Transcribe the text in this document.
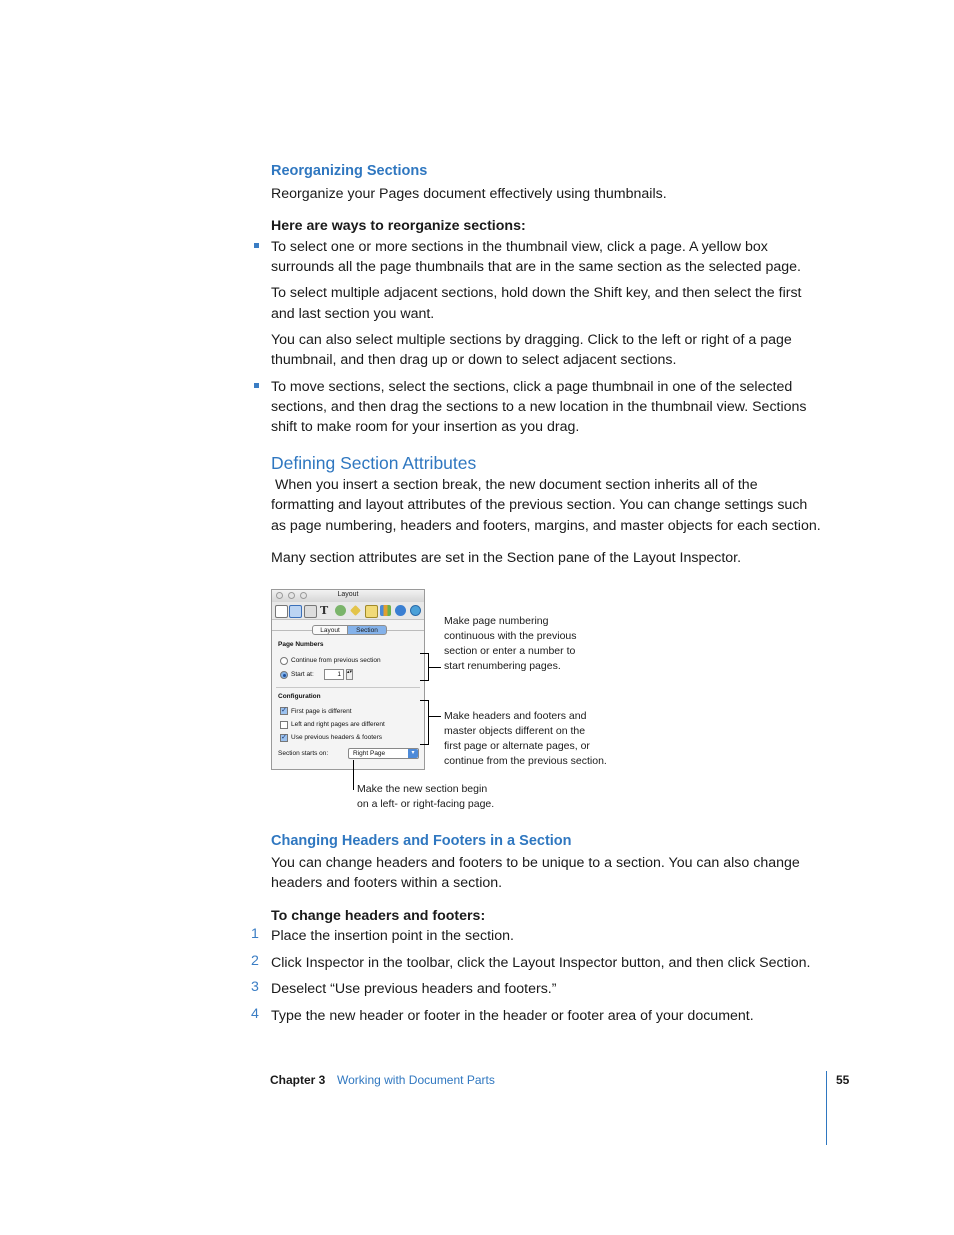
Reorganizing Sections
Reorganize your Pages document effectively using thumbnails.
Here are ways to reorganize sections:
To select one or more sections in the thumbnail view, click a page. A yellow box
surrounds all the page thumbnails that are in the same section as the selected page.
To select multiple adjacent sections, hold down the Shift key, and then select the first
and last section you want.
You can also select multiple sections by dragging. Click to the left or right of a page
thumbnail, and then drag up or down to select adjacent sections.
To move sections, select the sections, click a page thumbnail in one of the selected
sections, and then drag the sections to a new location in the thumbnail view. Sections
shift to make room for your insertion as you drag.
Defining Section Attributes
When you insert a section break, the new document section inherits all of the
formatting and layout attributes of the previous section. You can change settings such
as page numbering, headers and footers, margins, and master objects for each section.
Many section attributes are set in the Section pane of the Layout Inspector.
Layout
T
Layout	Section
Page Numbers
Continue from previous section
Start at:	1	▴▾
Configuration
✓ First page is different
Left and right pages are different
✓ Use previous headers & footers
Section starts on:	Right Page	▾
Make page numbering
continuous with the previous
section or enter a number to
start renumbering pages.
Make headers and footers and
master objects different on the
first page or alternate pages, or
continue from the previous section.
Make the new section begin
on a left- or right-facing page.
Changing Headers and Footers in a Section
You can change headers and footers to be unique to a section. You can also change
headers and footers within a section.
To change headers and footers:
1 Place the insertion point in the section.
2 Click Inspector in the toolbar, click the Layout Inspector button, and then click Section.
3 Deselect “Use previous headers and footers.”
4 Type the new header or footer in the header or footer area of your document.
Chapter 3 Working with Document Parts	55
